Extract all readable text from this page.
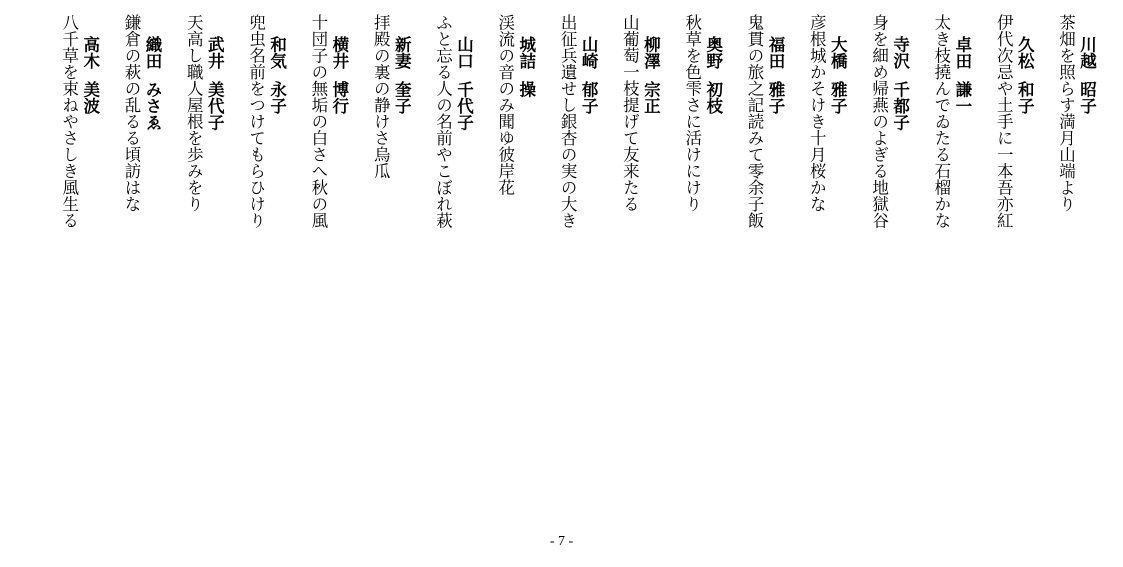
川越昭子
茶畑を照らす満月山端より
久松和子
伊代次忌や土手に一本吾亦紅
卓田謙一
太き枝撓んでゐたる石榴かな
寺沢千都子
身を細め帰燕のよぎる地獄谷
大橋雅子
彦根城かそけき十月桜かな
福田雅子
鬼貫の旅之記読みて零余子飯
奥野初枝
秋草を色雫さに活けにけり
柳澤宗正
山葡萄一枝提げて友来たる
山崎郁子
出征兵遺せし銀杏の実の大き
城詰操
渓流の音のみ聞ゆ彼岸花
山口千代子
ふと忘る人の名前やこぼれ萩
新妻奎子
拝殿の裏の静けさ烏瓜
横井博行
十団子の無垢の白さへ秋の風
和気永子
兜虫名前をつけてもらひけり
武井美代子
天高し職人屋根を歩みをり
織田みさゑ
鎌倉の萩の乱るる頃訪はな
高木美波
八千草を束ねやさしき風生る
- 7 -
